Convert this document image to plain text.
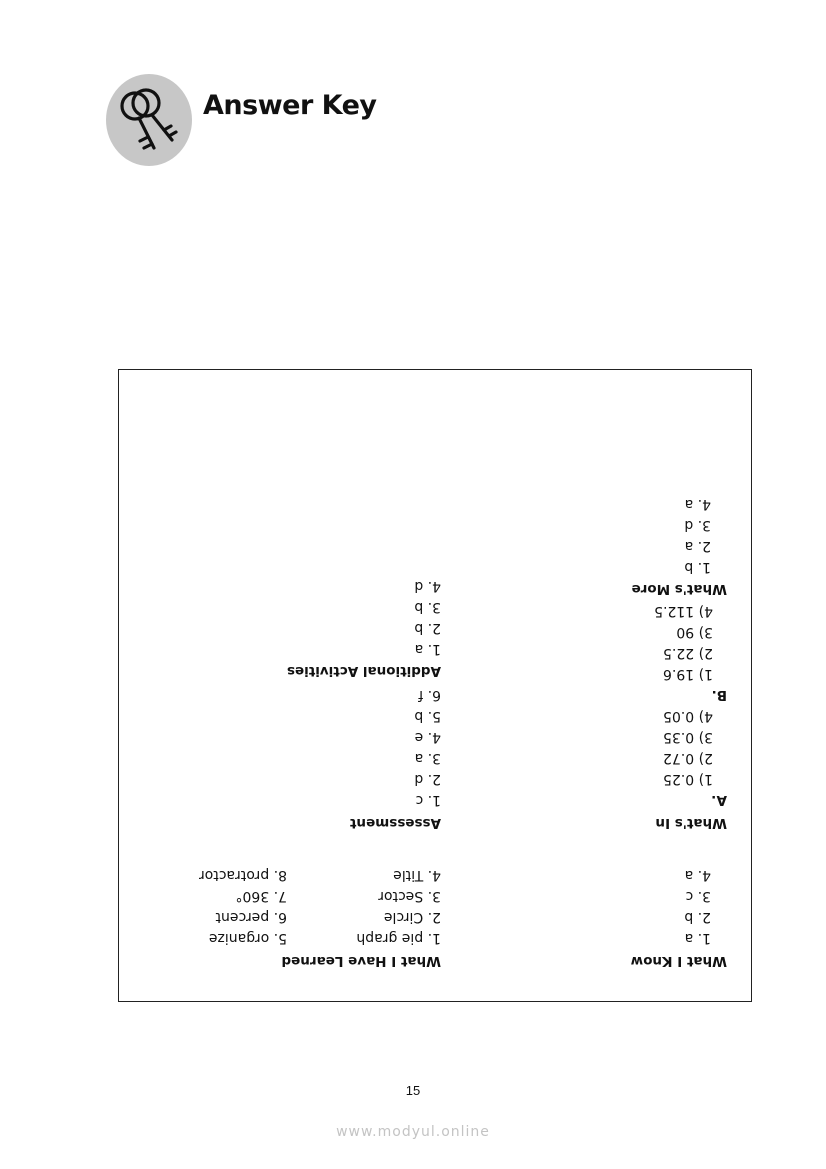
Answer Key
What I Know
1. a
2. b
3. c
4. a
What's In
A.
1) 0.25
2) 0.72
3) 0.35
4) 0.05
B.
1) 19.6
2) 22.5
3) 90
4) 112.5
What's More
1. b
2. a
3. d
4. a
What I Have Learned
1. pie graph
2. Circle
3. Sector
4. Title
5. organize
6. percent
7. 360°
8. protractor
Assessment
1. c
2. d
3. a
4. e
5. b
6. f
Additional Activities
1. a
2. b
3. b
4. d
15
www.modyul.online
